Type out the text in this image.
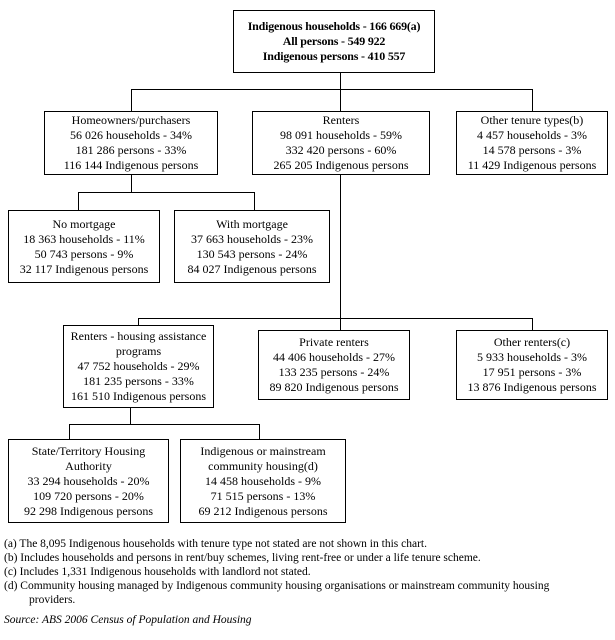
Indigenous households - 166 669(a)
All persons - 549 922
Indigenous persons - 410 557
Homeowners/purchasers
56 026 households - 34%
181 286 persons - 33%
116 144 Indigenous persons
Renters
98 091 households - 59%
332 420 persons - 60%
265 205 Indigenous persons
Other tenure types(b)
4 457 households - 3%
14 578 persons - 3%
11 429 Indigenous persons
No mortgage
18 363 households - 11%
50 743 persons - 9%
32 117 Indigenous persons
With mortgage
37 663 households - 23%
130 543 persons - 24%
84 027 Indigenous persons
Renters - housing assistance programs
47 752 households - 29%
181 235 persons - 33%
161 510 Indigenous persons
Private renters
44 406 households - 27%
133 235 persons - 24%
89 820 Indigenous persons
Other renters(c)
5 933 households - 3%
17 951 persons - 3%
13 876 Indigenous persons
State/Territory Housing Authority
33 294 households - 20%
109 720 persons - 20%
92 298 Indigenous persons
Indigenous or mainstream community housing(d)
14 458 households - 9%
71 515 persons - 13%
69 212 Indigenous persons
(a) The 8,095 Indigenous households with tenure type not stated are not shown in this chart.
(b) Includes households and persons in rent/buy schemes, living rent-free or under a life tenure scheme.
(c) Includes 1,331 Indigenous households with landlord not stated.
(d) Community housing managed by Indigenous community housing organisations or mainstream community housing providers.
Source: ABS 2006 Census of Population and Housing
